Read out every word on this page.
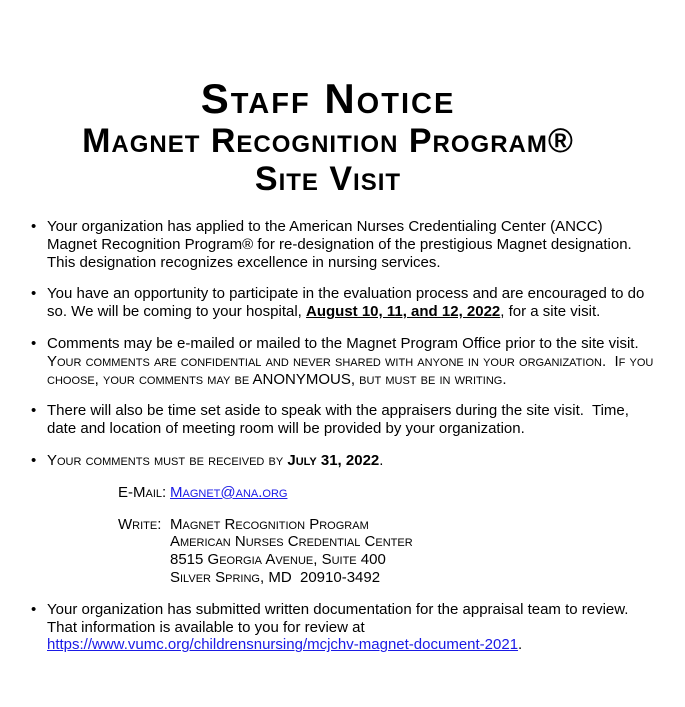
Staff Notice
Magnet Recognition Program®
Site Visit
• Your organization has applied to the American Nurses Credentialing Center (ANCC) Magnet Recognition Program® for re-designation of the prestigious Magnet designation.  This designation recognizes excellence in nursing services.
• You have an opportunity to participate in the evaluation process and are encouraged to do so. We will be coming to your hospital, August 10, 11, and 12, 2022, for a site visit.
• Comments may be e-mailed or mailed to the Magnet Program Office prior to the site visit. Your comments are confidential and never shared with anyone in your organization.  If you choose, your comments may be ANONYMOUS, but must be in writing.
• There will also be time set aside to speak with the appraisers during the site visit.  Time, date and location of meeting room will be provided by your organization.
• Your comments must be received by July 31, 2022.
E-Mail: Magnet@ana.org
Write: Magnet Recognition Program
American Nurses Credential Center
8515 Georgia Avenue, Suite 400
Silver Spring, MD  20910-3492
• Your organization has submitted written documentation for the appraisal team to review.  That information is available to you for review at https://www.vumc.org/childrensnursing/mcjchv-magnet-document-2021.
